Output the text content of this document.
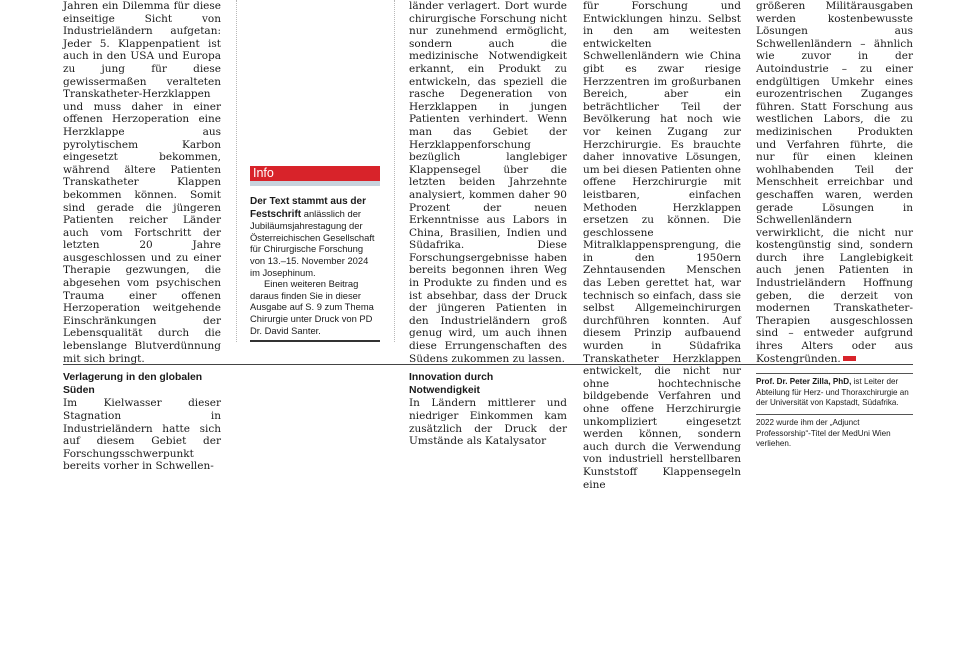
Jahren ein Dilemma für diese einseitige Sicht von Industrieländern aufgetan: Jeder 5. Klappenpatient ist auch in den USA und Europa zu jung für diese gewissermaßen veralteten Transkatheter-Herzklappen und muss daher in einer offenen Herzoperation eine Herzklappe aus pyrolytischem Karbon eingesetzt bekommen, während ältere Patienten Transkatheter Klappen bekommen können. Somit sind gerade die jüngeren Patienten reicher Länder auch vom Fortschritt der letzten 20 Jahre ausgeschlossen und zu einer Therapie gezwungen, die abgesehen vom psychischen Trauma einer offenen Herzoperation weitgehende Einschränkungen der Lebensqualität durch die lebenslange Blutverdünnung mit sich bringt.

Verlagerung in den globalen Süden

Im Kielwasser dieser Stagnation in Industrieländern hatte sich auf diesem Gebiet der Forschungsschwerpunkt bereits vorher in Schwellen-

Info
Der Text stammt aus der Festschrift anlässlich der Jubiläumsjahrestagung der Österreichischen Gesellschaft für Chirurgische Forschung von 13.–15. November 2024 im Josephinum.
Einen weiteren Beitrag daraus finden Sie in dieser Ausgabe auf S. 9 zum Thema Chirurgie unter Druck von PD Dr. David Santer.

länder verlagert. Dort wurde chirurgische Forschung nicht nur zunehmend ermöglicht, sondern auch die medizinische Notwendigkeit erkannt, ein Produkt zu entwickeln, das speziell die rasche Degeneration von Herzklappen in jungen Patienten verhindert. Wenn man das Gebiet der Herzklappenforschung bezüglich langlebiger Klappensegel über die letzten beiden Jahrzehnte analysiert, kommen daher 90 Prozent der neuen Erkenntnisse aus Labors in China, Brasilien, Indien und Südafrika. Diese Forschungsergebnisse haben bereits begonnen ihren Weg in Produkte zu finden und es ist absehbar, dass der Druck der jüngeren Patienten in den Industrieländern groß genug wird, um auch ihnen diese Errungenschaften des Südens zukommen zu lassen.

Innovation durch Notwendigkeit

In Ländern mittlerer und niedriger Einkommen kam zusätzlich der Druck der Umstände als Katalysator

für Forschung und Entwicklungen hinzu. Selbst in den am weitesten entwickelten Schwellenländern wie China gibt es zwar riesige Herzzentren im großurbanen Bereich, aber ein beträchtlicher Teil der Bevölkerung hat noch wie vor keinen Zugang zur Herzchirurgie. Es brauchte daher innovative Lösungen, um bei diesen Patienten ohne offene Herzchirurgie mit leistbaren, einfachen Methoden Herzklappen ersetzen zu können. Die geschlossene Mitralklappensprengung, die in den 1950ern Zehntausenden Menschen das Leben gerettet hat, war technisch so einfach, dass sie selbst Allgemeinchirurgen durchführen konnten. Auf diesem Prinzip aufbauend wurden in Südafrika Transkatheter Herzklappen entwickelt, die nicht nur ohne hochtechnische bildgebende Verfahren und ohne offene Herzchirurgie unkompliziert eingesetzt werden können, sondern auch durch die Verwendung von industriell herstellbaren Kunststoff Klappensegeln eine

größeren Militärausgaben werden kostenbewusste Lösungen aus Schwellenländern – ähnlich wie zuvor in der Autoindustrie – zu einer endgültigen Umkehr eines eurozentrischen Zuganges führen. Statt Forschung aus westlichen Labors, die zu medizinischen Produkten und Verfahren führte, die nur für einen kleinen wohlhabenden Teil der Menschheit erreichbar und geschaffen waren, werden gerade Lösungen in Schwellenländern verwirklicht, die nicht nur kostengünstig sind, sondern durch ihre Langlebigkeit auch jenen Patienten in Industrieländern Hoffnung geben, die derzeit von modernen Transkatheter-Therapien ausgeschlossen sind – entweder aufgrund ihres Alters oder aus Kostengründen.

Prof. Dr. Peter Zilla, PhD, ist Leiter der Abteilung für Herz- und Thoraxchirurgie an der Universität von Kapstadt, Südafrika.
2022 wurde ihm der „Adjunct Professorship“-Titel der MedUni Wien verliehen.
